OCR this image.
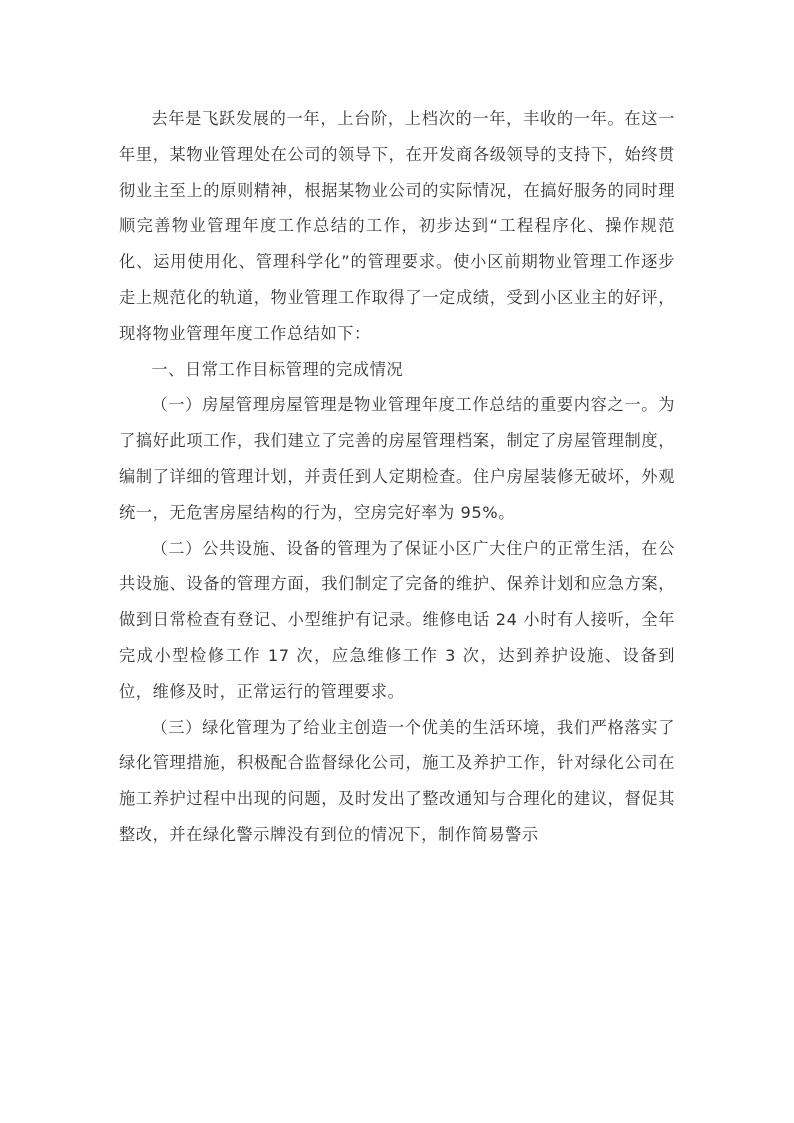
去年是飞跃发展的一年，上台阶，上档次的一年，丰收的一年。在这一年里，某物业管理处在公司的领导下，在开发商各级领导的支持下，始终贯彻业主至上的原则精神，根据某物业公司的实际情况，在搞好服务的同时理顺完善物业管理年度工作总结的工作，初步达到“工程程序化、操作规范化、运用使用化、管理科学化”的管理要求。使小区前期物业管理工作逐步走上规范化的轨道，物业管理工作取得了一定成绩，受到小区业主的好评，现将物业管理年度工作总结如下：

一、日常工作目标管理的完成情况

（一）房屋管理房屋管理是物业管理年度工作总结的重要内容之一。为了搞好此项工作，我们建立了完善的房屋管理档案，制定了房屋管理制度，编制了详细的管理计划，并责任到人定期检查。住户房屋装修无破坏，外观统一，无危害房屋结构的行为，空房完好率为 95%。

（二）公共设施、设备的管理为了保证小区广大住户的正常生活，在公共设施、设备的管理方面，我们制定了完备的维护、保养计划和应急方案，做到日常检查有登记、小型维护有记录。维修电话 24 小时有人接听，全年完成小型检修工作 17 次，应急维修工作 3 次，达到养护设施、设备到位，维修及时，正常运行的管理要求。

（三）绿化管理为了给业主创造一个优美的生活环境，我们严格落实了绿化管理措施，积极配合监督绿化公司，施工及养护工作，针对绿化公司在施工养护过程中出现的问题，及时发出了整改通知与合理化的建议，督促其整改，并在绿化警示牌没有到位的情况下，制作简易警示
